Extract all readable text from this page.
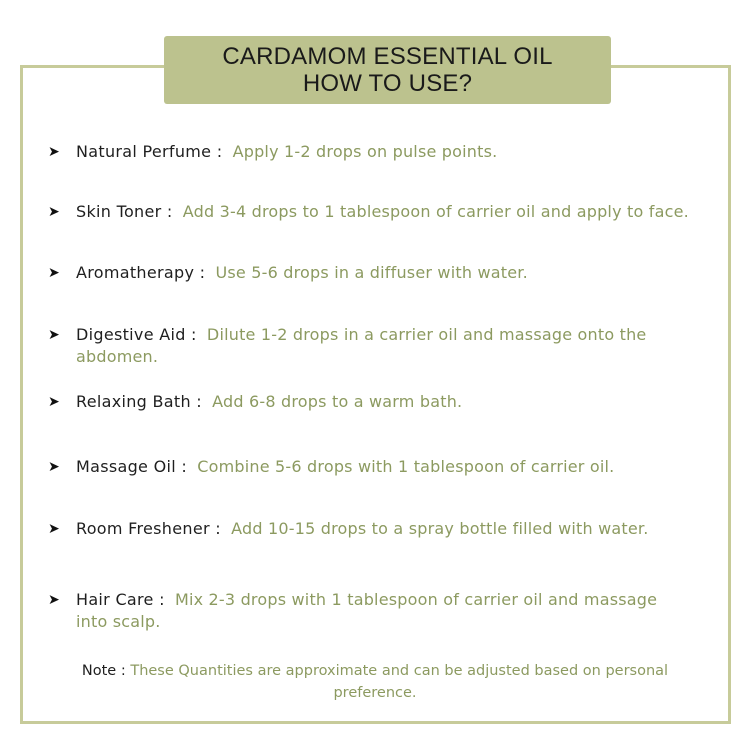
CARDAMOM ESSENTIAL OIL
HOW TO USE?
➤ Natural Perfume : Apply 1-2 drops on pulse points.
➤ Skin Toner : Add 3-4 drops to 1 tablespoon of carrier oil and apply to face.
➤ Aromatherapy : Use 5-6 drops in a diffuser with water.
➤ Digestive Aid : Dilute 1-2 drops in a carrier oil and massage onto the abdomen.
➤ Relaxing Bath : Add 6-8 drops to a warm bath.
➤ Massage Oil : Combine 5-6 drops with 1 tablespoon of carrier oil.
➤ Room Freshener : Add 10-15 drops to a spray bottle filled with water.
➤ Hair Care : Mix 2-3 drops with 1 tablespoon of carrier oil and massage into scalp.
Note : These Quantities are approximate and can be adjusted based on personal preference.
